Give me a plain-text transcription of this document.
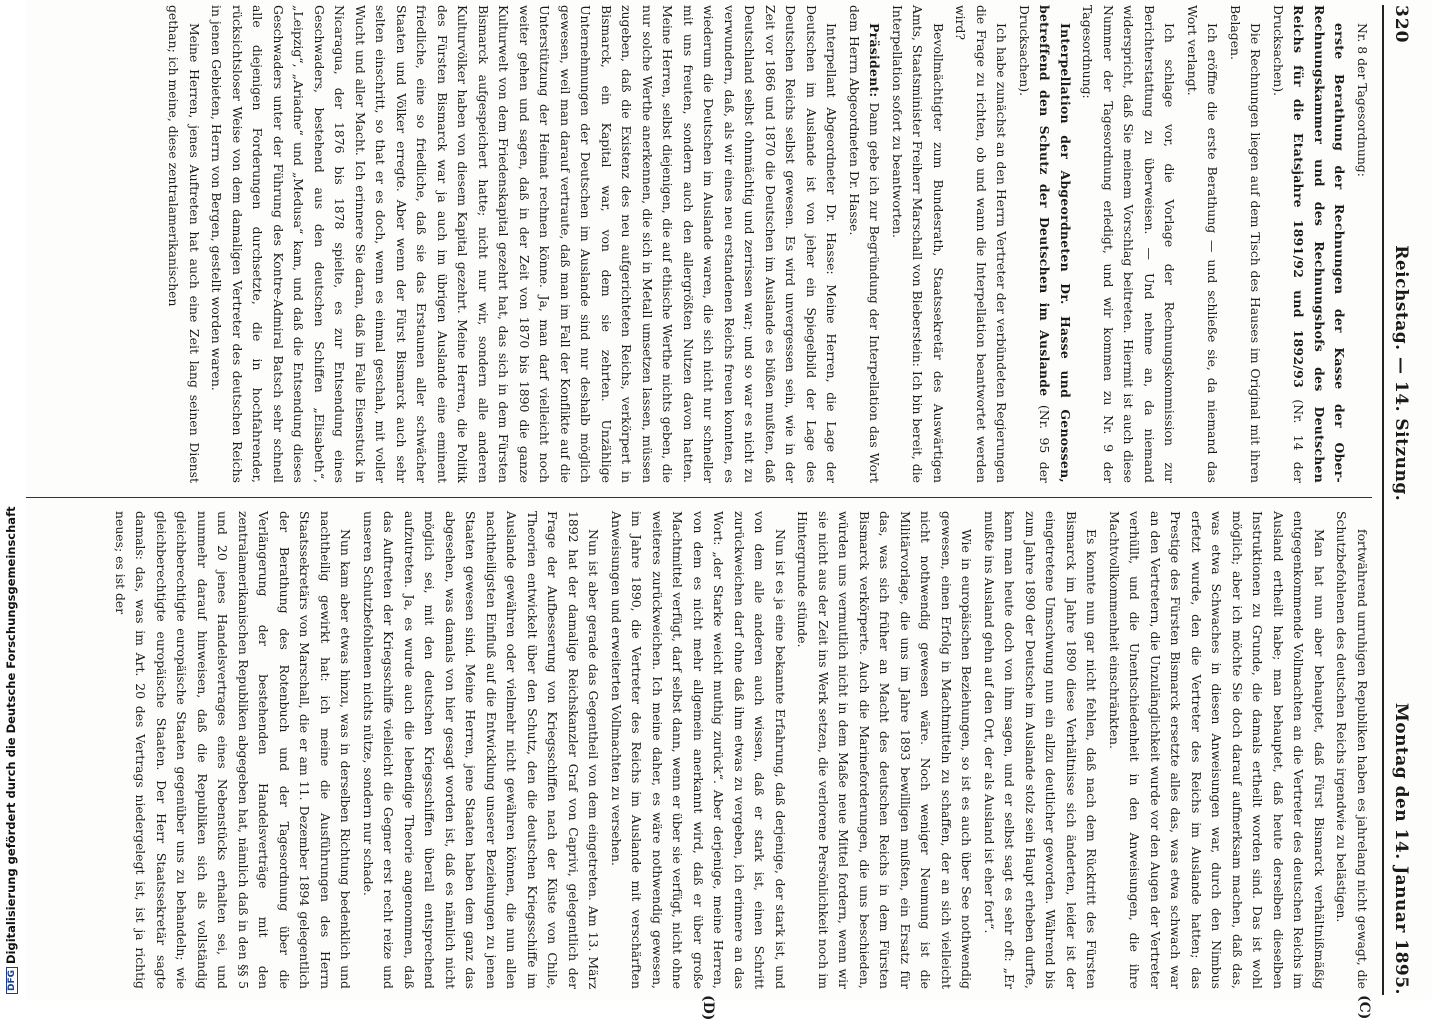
320
Reichstag. — 14. Sitzung.
Montag den 14. Januar 1895.

Nr. 8 der Tagesordnung:

erste Berathung der Rechnungen der Kasse der Ober-Rechnungskammer und des Rechnungshofs des Deutschen Reichs für die Etatsjahre 1891/92 und 1892/93 (Nr. 14 der Drucksachen).

Die Rechnungen liegen auf dem Tisch des Hauses im Original mit ihren Belagen.

Ich eröffne die erste Berathung — und schließe sie, da niemand das Wort verlangt.

Ich schlage vor, die Vorlage der Rechnungskommission zur Berichterstattung zu überweisen. — Und nehme an, da niemand widerspricht, daß Sie meinem Vorschlag beitreten. Hiermit ist auch diese Nummer der Tagesordnung erledigt, und wir kommen zu Nr. 9 der Tagesordnung:

Interpellation der Abgeordneten Dr. Hasse und Genossen, betreffend den Schutz der Deutschen im Auslande (Nr. 95 der Drucksachen).

Ich habe zunächst an den Herrn Vertreter der verbündeten Regierungen die Frage zu richten, ob und wann die Interpellation beantwortet werden wird?

Bevollmächtigter zum Bundesrath, Staatssekretär des Auswärtigen Amts, Staatsminister Freiherr Marschall von Bieberstein: Ich bin bereit, die Interpellation sofort zu beantworten.

Präsident: Dann gebe ich zur Begründung der Interpellation das Wort dem Herrn Abgeordneten Dr. Hasse.

Interpellant Abgeordneter Dr. Hasse: Meine Herren, die Lage der Deutschen im Auslande ist von jeher ein Spiegelbild der Lage des Deutschen Reichs selbst gewesen. Es wird unvergessen sein, wie in der Zeit vor 1866 und 1870 die Deutschen im Auslande es büßen mußten, daß Deutschland selbst ohnmächtig und zerrissen war; und so war es nicht zu verwundern, daß, als wir eines neu erstandenen Reichs freuen konnten, es wiederum die Deutschen im Auslande waren, die sich nicht nur schneller mit uns freuten, sondern auch den allergrößten Nutzen davon hatten. Meine Herren, selbst diejenigen, die auf ethische Werthe nichts geben, die nur solche Werthe anerkennen, die sich in Metall umsetzen lassen, müssen zugeben, daß die Existenz des neu aufgerichteten Reichs, verkörpert in Bismarck, ein Kapital war, von dem sie zehrten. Unzählige Unternehmungen der Deutschen im Auslande sind nur deshalb möglich gewesen, weil man darauf vertraute, daß man im Fall der Konflikte auf die Unterstützung der Heimat rechnen könne. Ja, man darf vielleicht noch weiter gehen und sagen, daß in der Zeit von 1870 bis 1890 die ganze Kulturwelt von dem Friedenskapital gezehrt hat, das sich in dem Fürsten Bismarck aufgespeichert hatte; nicht nur wir, sondern alle anderen Kulturvölker haben von diesem Kapital gezehrt. Meine Herren, die Politik des Fürsten Bismarck war ja auch im übrigen Auslande eine eminent friedliche, eine so friedliche, daß sie das Erstaunen aller schwächer Staaten und Völker erregte. Aber wenn der Fürst Bismarck auch sehr selten einschritt, so that er es doch, wenn es einmal geschah, mit voller Wucht und aller Macht. Ich erinnere Sie daran, daß im Falle Eisenstuck in Nicaragua, der 1876 bis 1878 spielte, es zur Entsendung eines Geschwaders, bestehend aus den deutschen Schiffen „Elisabeth“, „Leipzig“, „Ariadne“ und „Medusa“ kam, und daß die Entsendung dieses Geschwaders unter der Führung des Kontre-Admiral Batsch sehr schnell alle diejenigen Forderungen durchsetzte, die in hochfahrender, rücksichtsloser Weise von dem damaligen Vertreter des deutschen Reichs in jenen Gebieten, Herrn von Bergen, gestellt worden waren.

Meine Herren, jenes Auftreten hat auch eine Zeit lang seinen Dienst gethan; ich meine, diese zentralamerikanischen

fortwährend unruhigen Republiken haben es jahrelang nicht gewagt, die Schutzbefohlenen des deutschen Reichs irgendwie zu belästigen.

Man hat nun aber behauptet, daß Fürst Bismarck verhältnißmäßig entgegenkommende Vollmachten an die Vertreter des deutschen Reichs im Ausland ertheilt habe; man behauptet, daß heute derselben dieselben Instruktionen zu Grunde, die damals ertheilt worden sind. Das ist wohl möglich; aber ich möchte Sie doch darauf aufmerksam machen, daß das, was etwa Schwaches in diesen Anweisungen war, durch den Nimbus erfetzt wurde, den die Vertreter des Reichs im Auslande hatten; das Prestige des Fürsten Bismarck ersetzte alles das, was etwa schwach war an den Vertretern, die Unzulänglichkeit wurde vor den Augen der Vertreter verhüllt, und die Unentschiedenheit in den Anweisungen, die ihre Machtvollkommenheit einschränkten.

Es konnte nun gar nicht fehlen, daß nach dem Rücktritt des Fürsten Bismarck im Jahre 1890 diese Verhältnisse sich änderten, leider ist der eingetretene Umschwung nun ein allzu deutlicher geworden. Während bis zum Jahre 1890 der Deutsche im Auslande stolz sein Haupt erheben durfte, kann man heute doch von ihm sagen, und er selbst sagt es sehr oft: „Er mußte ins Ausland gehn auf den Ort, der als Ausland ist eher fort“.

Wie in europäischen Beziehungen, so ist es auch über See nothwendig gewesen, einen Erfolg in Machtmitteln zu schaffen, der an sich vielleicht nicht nothwendig gewesen wäre. Noch weniger Neumung ist die Militärvorlage, die uns im Jahre 1893 bewilligen mußten, ein Ersatz für das, was sich früher an Macht des deutschen Reichs in dem Fürsten Bismarck verkörperte. Auch die Marineforderungen, die uns beschieden, würden uns vermutlich nicht in dem Maße neue Mittel fordern, wenn wir sie nicht aus der Zeit ins Werk setzen, die verlorene Persönlichkeit noch im Hintergrunde stünde.

Nun ist es ja eine bekannte Erfahrung, daß derjenige, der stark ist, und von dem alle anderen auch wissen, daß er stark ist, einen Schritt zurückweichen darf ohne daß ihm etwas zu vergeben, ich erinnere an das Wort: „der Starke weicht muthig zurück“. Aber derjenige, meine Herren, von dem es nicht mehr allgemein anerkannt wird, daß er über große Machtmittel verfügt, darf selbst dann, wenn er über sie verfügt, nicht ohne weiteres zurückweichen. Ich meine daher, es wäre nothwendig gewesen, im Jahre 1890, die Vertreter des Reichs im Auslande mit verschärften Anweisungen und erweiterten Vollmachten zu versehen.

Nun ist aber gerade das Gegentheil von dem eingetreten. Am 13. März 1892 hat der damalige Reichskanzler Graf von Caprivi, gelegentlich der Frage der Aufbesserung von Kriegsschiffen nach der Küste von Chile, Theorien entwickelt über den Schutz, den die deutschen Kriegsschiffe im Auslande gewähren oder vielmehr nicht gewähren können, die nun allen nachtheiligsten Einfluß auf die Entwicklung unserer Beziehungen zu jenen Staaten gewesen sind. Meine Herren, jene Staaten haben dem ganz das abgesehen, was damals von hier gesagt worden ist, daß es nämlich nicht möglich sei, mit den deutschen Kriegsschiffen überall entsprechend aufzutreten. Ja, es wurde auch die lebendige Theorie angenommen, daß das Auftreten der Kriegsschiffe vielleicht die Gegner erst recht reize und unseren Schutzbefohlenen nichts nütze, sondern nur schade.

Nun kam aber etwas hinzu, was in derselben Richtung bedenklich und nachtheilig gewirkt hat: ich meine die Ausführungen des Herrn Staatssekretärs von Marschall, die er am 11. Dezember 1894 gelegentlich der Berathung des Rotenbuch und der Tagesordnung über die Verlängerung der bestehenden Handelsverträge mit den zentralamerikanischen Republiken abgegeben hat, nämlich daß in den §§ 5 und 20 jenes Handelsvertrages eines Nebenstücks erhalten sei, und nunmehr darauf hinweisen, daß die Republiken sich als vollständig gleichberechtigte europäische Staaten gegenüber uns zu behandeln; wie gleichberechtigte europäische Staaten. Der Herr Staatssekretär sagte damals: das, was im Art. 20 des Vertrags niedergelegt ist, ist ja richtig neues; es ist der

(C)
(D)
DFGDigitalisierung gefördert durch die Deutsche Forschungsgemeinschaft
